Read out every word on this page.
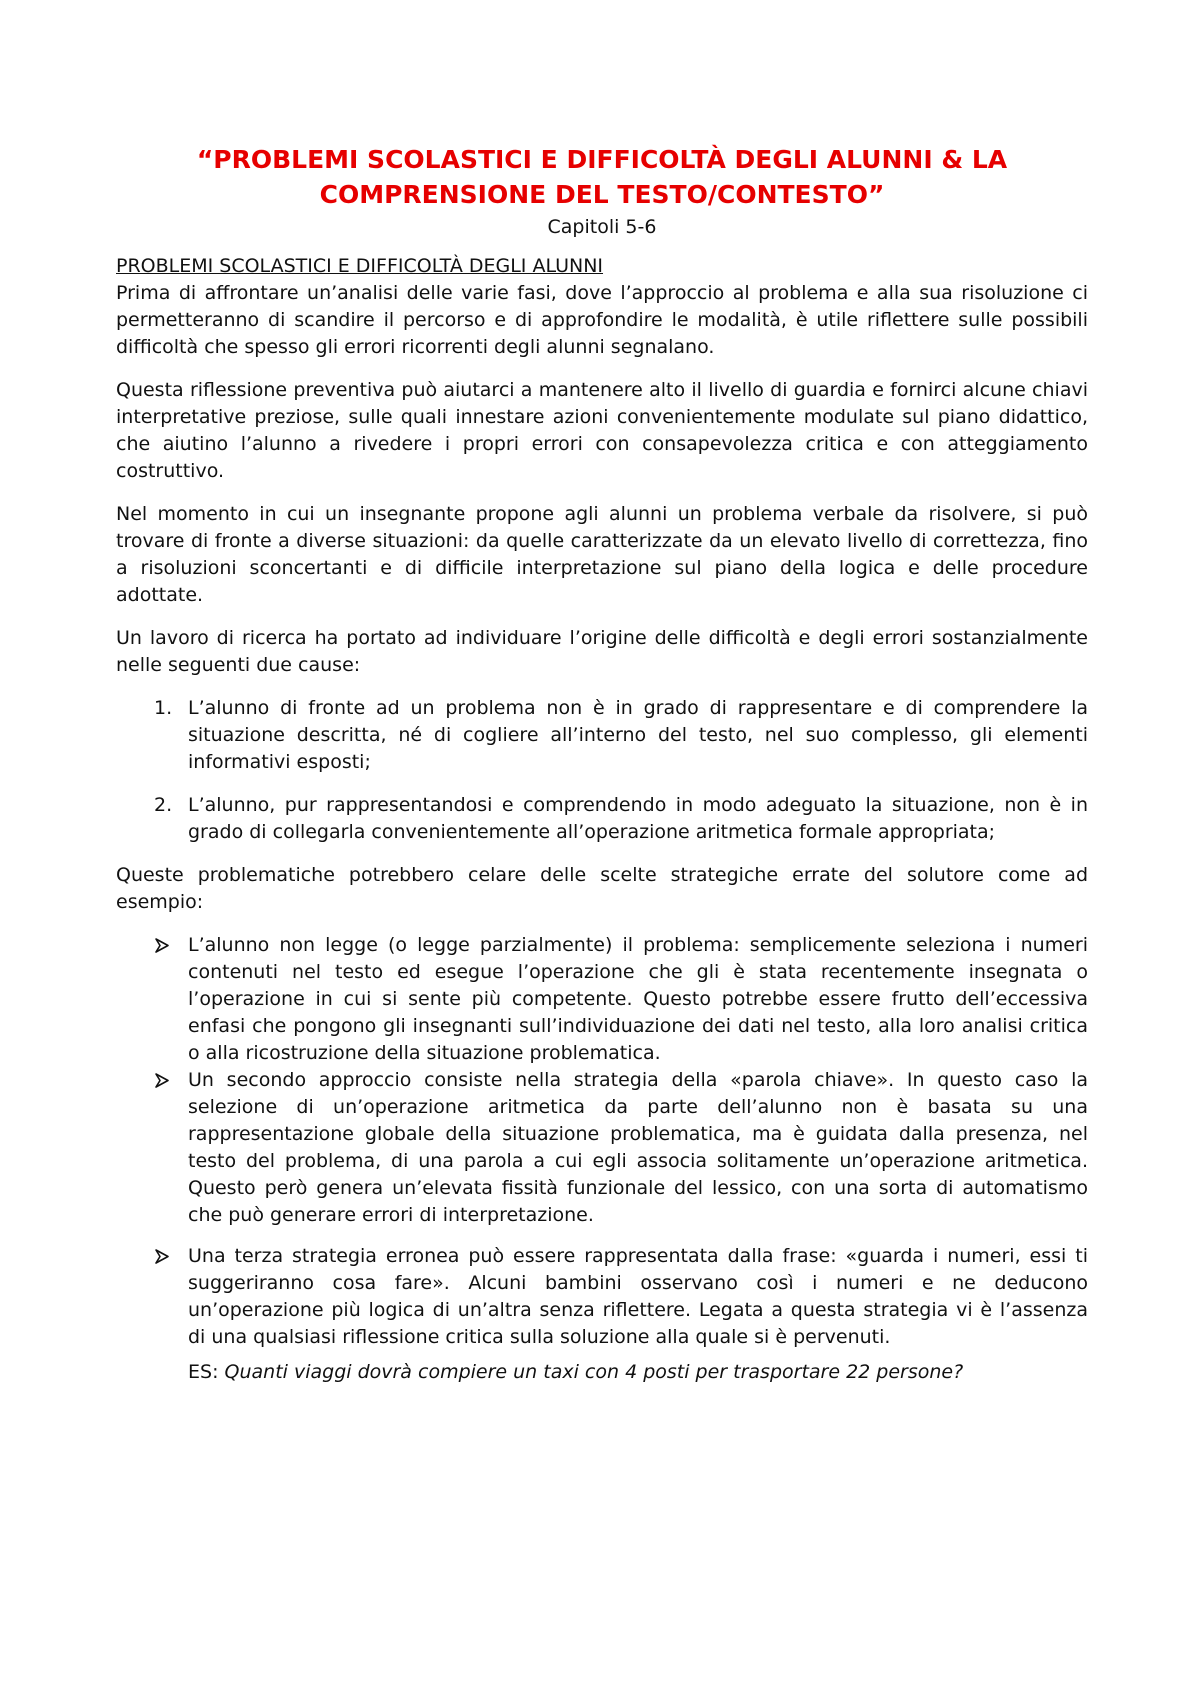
“PROBLEMI SCOLASTICI E DIFFICOLTÀ DEGLI ALUNNI & LA
COMPRENSIONE DEL TESTO/CONTESTO”
Capitoli 5-6
PROBLEMI SCOLASTICI E DIFFICOLTÀ DEGLI ALUNNI

Prima di affrontare un’analisi delle varie fasi, dove l’approccio al problema e alla sua risoluzione ci permetteranno di scandire il percorso e di approfondire le modalità, è utile riflettere sulle possibili difficoltà che spesso gli errori ricorrenti degli alunni segnalano.

Questa riflessione preventiva può aiutarci a mantenere alto il livello di guardia e fornirci alcune chiavi interpretative preziose, sulle quali innestare azioni convenientemente modulate sul piano didattico, che aiutino l’alunno a rivedere i propri errori con consapevolezza critica e con atteggiamento costruttivo.

Nel momento in cui un insegnante propone agli alunni un problema verbale da risolvere, si può trovare di fronte a diverse situazioni: da quelle caratterizzate da un elevato livello di correttezza, fino a risoluzioni sconcertanti e di difficile interpretazione sul piano della logica e delle procedure adottate.

Un lavoro di ricerca ha portato ad individuare l’origine delle difficoltà e degli errori sostanzialmente nelle seguenti due cause:

1. L’alunno di fronte ad un problema non è in grado di rappresentare e di comprendere la situazione descritta, né di cogliere all’interno del testo, nel suo complesso, gli elementi informativi esposti;
2. L’alunno, pur rappresentandosi e comprendendo in modo adeguato la situazione, non è in grado di collegarla convenientemente all’operazione aritmetica formale appropriata;

Queste problematiche potrebbero celare delle scelte strategiche errate del solutore come ad esempio:

L’alunno non legge (o legge parzialmente) il problema: semplicemente seleziona i numeri contenuti nel testo ed esegue l’operazione che gli è stata recentemente insegnata o l’operazione in cui si sente più competente. Questo potrebbe essere frutto dell’eccessiva enfasi che pongono gli insegnanti sull’individuazione dei dati nel testo, alla loro analisi critica o alla ricostruzione della situazione problematica.
Un secondo approccio consiste nella strategia della «parola chiave». In questo caso la selezione di un’operazione aritmetica da parte dell’alunno non è basata su una rappresentazione globale della situazione problematica, ma è guidata dalla presenza, nel testo del problema, di una parola a cui egli associa solitamente un’operazione aritmetica. Questo però genera un’elevata fissità funzionale del lessico, con una sorta di automatismo che può generare errori di interpretazione.
Una terza strategia erronea può essere rappresentata dalla frase: «guarda i numeri, essi ti suggeriranno cosa fare». Alcuni bambini osservano così i numeri e ne deducono un’operazione più logica di un’altra senza riflettere. Legata a questa strategia vi è l’assenza di una qualsiasi riflessione critica sulla soluzione alla quale si è pervenuti.

ES: Quanti viaggi dovrà compiere un taxi con 4 posti per trasportare 22 persone?
